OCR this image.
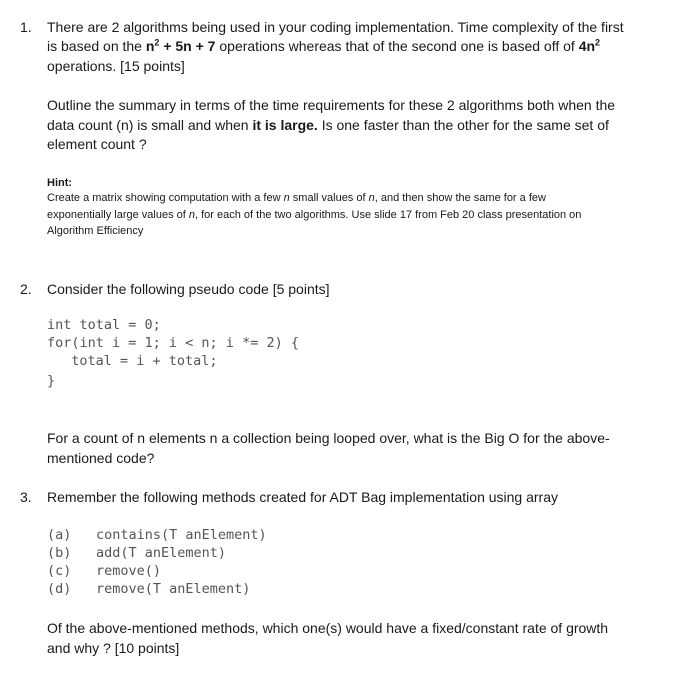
1. There are 2 algorithms being used in your coding implementation. Time complexity of the first
is based on the $n^2 + 5n + 7$ operations whereas that of the second one is based off of $4n^2$
operations. [15 points]
Outline the summary in terms of the time requirements for these 2 algorithms both when the
data count (n) is small and when it is large. Is one faster than the other for the same set of
element count ?
Hint:
Create a matrix showing computation with a few n small values of n, and then show the same for a few
exponentially large values of n, for each of the two algorithms. Use slide 17 from Feb 20 class presentation on
Algorithm Efficiency
2. Consider the following pseudo code [5 points]
int total = 0;
for(int i = 1; i < n; i *= 2) {
total = i + total;
}
For a count of n elements n a collection being looped over, what is the Big O for the above-
mentioned code?
3. Remember the following methods created for ADT Bag implementation using array
(a) contains(T anElement)
(b) add(T anElement)
(c) remove()
(d) remove(T anElement)
Of the above-mentioned methods, which one(s) would have a fixed/constant rate of growth
and why ? [10 points]
